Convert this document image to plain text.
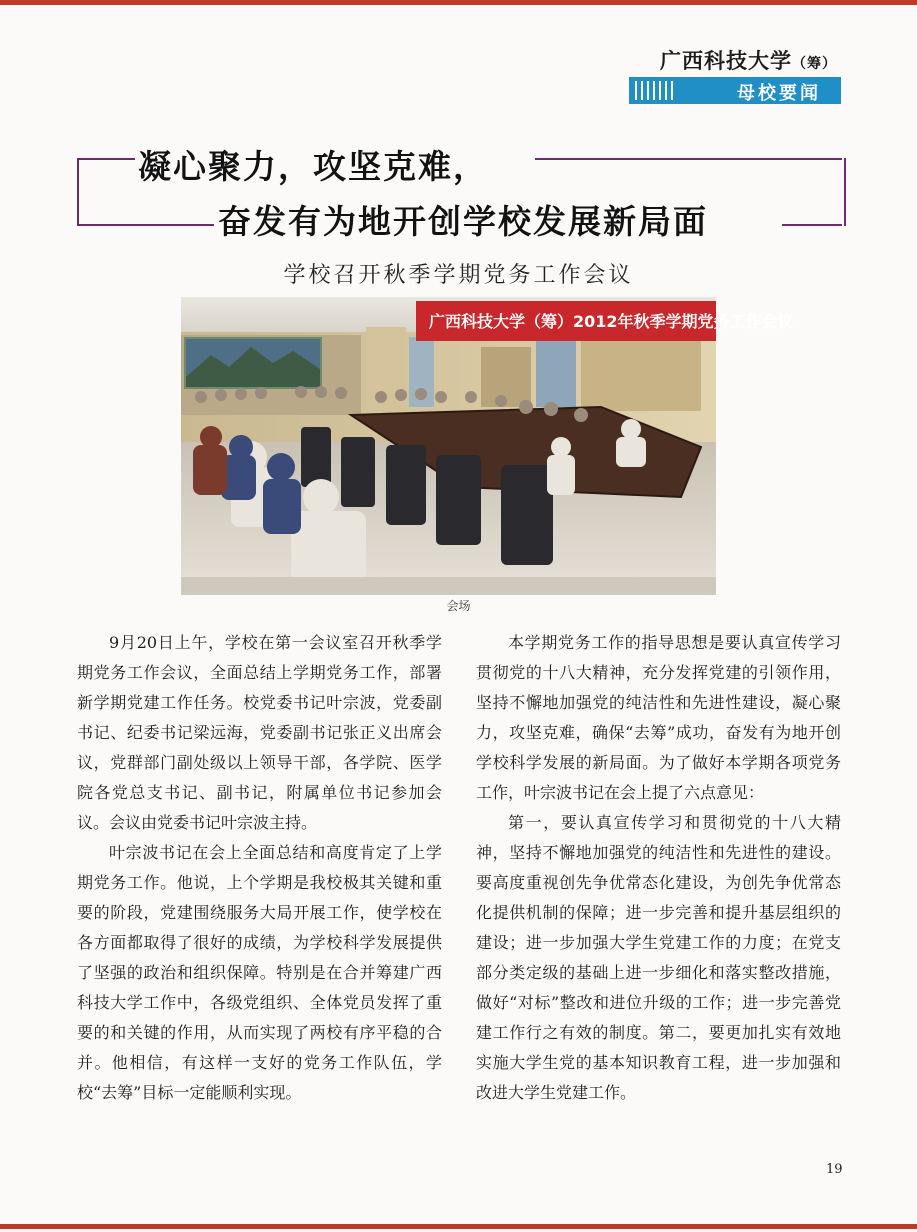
广西科技大学（筹）
母校要闻
凝心聚力，攻坚克难，
奋发有为地开创学校发展新局面
学校召开秋季学期党务工作会议
广西科技大学（筹）2012年秋季学期党务工作会议
会场

9月20日上午，学校在第一会议室召开秋季学期党务工作会议，全面总结上学期党务工作，部署新学期党建工作任务。校党委书记叶宗波，党委副书记、纪委书记梁远海，党委副书记张正义出席会议，党群部门副处级以上领导干部，各学院、医学院各党总支书记、副书记，附属单位书记参加会议。会议由党委书记叶宗波主持。

叶宗波书记在会上全面总结和高度肯定了上学期党务工作。他说，上个学期是我校极其关键和重要的阶段，党建围绕服务大局开展工作，使学校在各方面都取得了很好的成绩，为学校科学发展提供了坚强的政治和组织保障。特别是在合并筹建广西科技大学工作中，各级党组织、全体党员发挥了重要的和关键的作用，从而实现了两校有序平稳的合并。他相信，有这样一支好的党务工作队伍，学校“去筹”目标一定能顺利实现。

本学期党务工作的指导思想是要认真宣传学习贯彻党的十八大精神，充分发挥党建的引领作用，坚持不懈地加强党的纯洁性和先进性建设，凝心聚力，攻坚克难，确保“去筹”成功，奋发有为地开创学校科学发展的新局面。为了做好本学期各项党务工作，叶宗波书记在会上提了六点意见：

第一，要认真宣传学习和贯彻党的十八大精神，坚持不懈地加强党的纯洁性和先进性的建设。要高度重视创先争优常态化建设，为创先争优常态化提供机制的保障；进一步完善和提升基层组织的建设；进一步加强大学生党建工作的力度；在党支部分类定级的基础上进一步细化和落实整改措施，做好“对标”整改和进位升级的工作；进一步完善党建工作行之有效的制度。第二，要更加扎实有效地实施大学生党的基本知识教育工程，进一步加强和改进大学生党建工作。

19
